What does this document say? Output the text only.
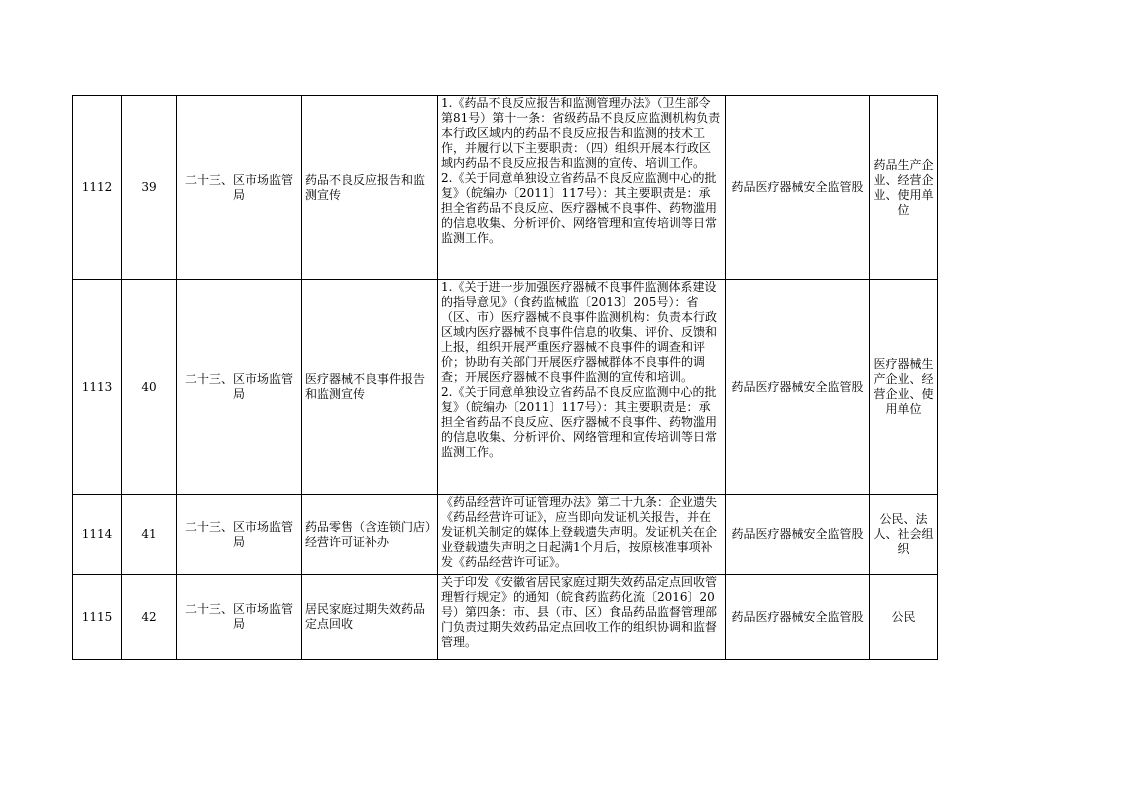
1112	39	二十三、区市场监管局	药品不良反应报告和监测宣传	1.《药品不良反应报告和监测管理办法》（卫生部令第81号）第十一条：省级药品不良反应监测机构负责本行政区域内的药品不良反应报告和监测的技术工作，并履行以下主要职责：（四）组织开展本行政区域内药品不良反应报告和监测的宣传、培训工作。
2.《关于同意单独设立省药品不良反应监测中心的批复》（皖编办〔2011〕117号）：其主要职责是：承担全省药品不良反应、医疗器械不良事件、药物滥用的信息收集、分析评价、网络管理和宣传培训等日常监测工作。	药品医疗器械安全监管股	药品生产企业、经营企业、使用单位
1113	40	二十三、区市场监管局	医疗器械不良事件报告和监测宣传	1.《关于进一步加强医疗器械不良事件监测体系建设的指导意见》（食药监械监〔2013〕205号）：省（区、市）医疗器械不良事件监测机构：负责本行政区域内医疗器械不良事件信息的收集、评价、反馈和上报，组织开展严重医疗器械不良事件的调查和评价；协助有关部门开展医疗器械群体不良事件的调查；开展医疗器械不良事件监测的宣传和培训。
2.《关于同意单独设立省药品不良反应监测中心的批复》（皖编办〔2011〕117号）：其主要职责是：承担全省药品不良反应、医疗器械不良事件、药物滥用的信息收集、分析评价、网络管理和宣传培训等日常监测工作。	药品医疗器械安全监管股	医疗器械生产企业、经营企业、使用单位
1114	41	二十三、区市场监管局	药品零售（含连锁门店）经营许可证补办	《药品经营许可证管理办法》第二十九条：企业遗失《药品经营许可证》，应当即向发证机关报告，并在发证机关制定的媒体上登载遗失声明。发证机关在企业登载遗失声明之日起满1个月后，按原核准事项补发《药品经营许可证》。	药品医疗器械安全监管股	公民、法人、社会组织
1115	42	二十三、区市场监管局	居民家庭过期失效药品定点回收	关于印发《安徽省居民家庭过期失效药品定点回收管理暂行规定》的通知（皖食药监药化流〔2016〕20号）第四条：市、县（市、区）食品药品监督管理部门负责过期失效药品定点回收工作的组织协调和监督管理。	药品医疗器械安全监管股	公民
